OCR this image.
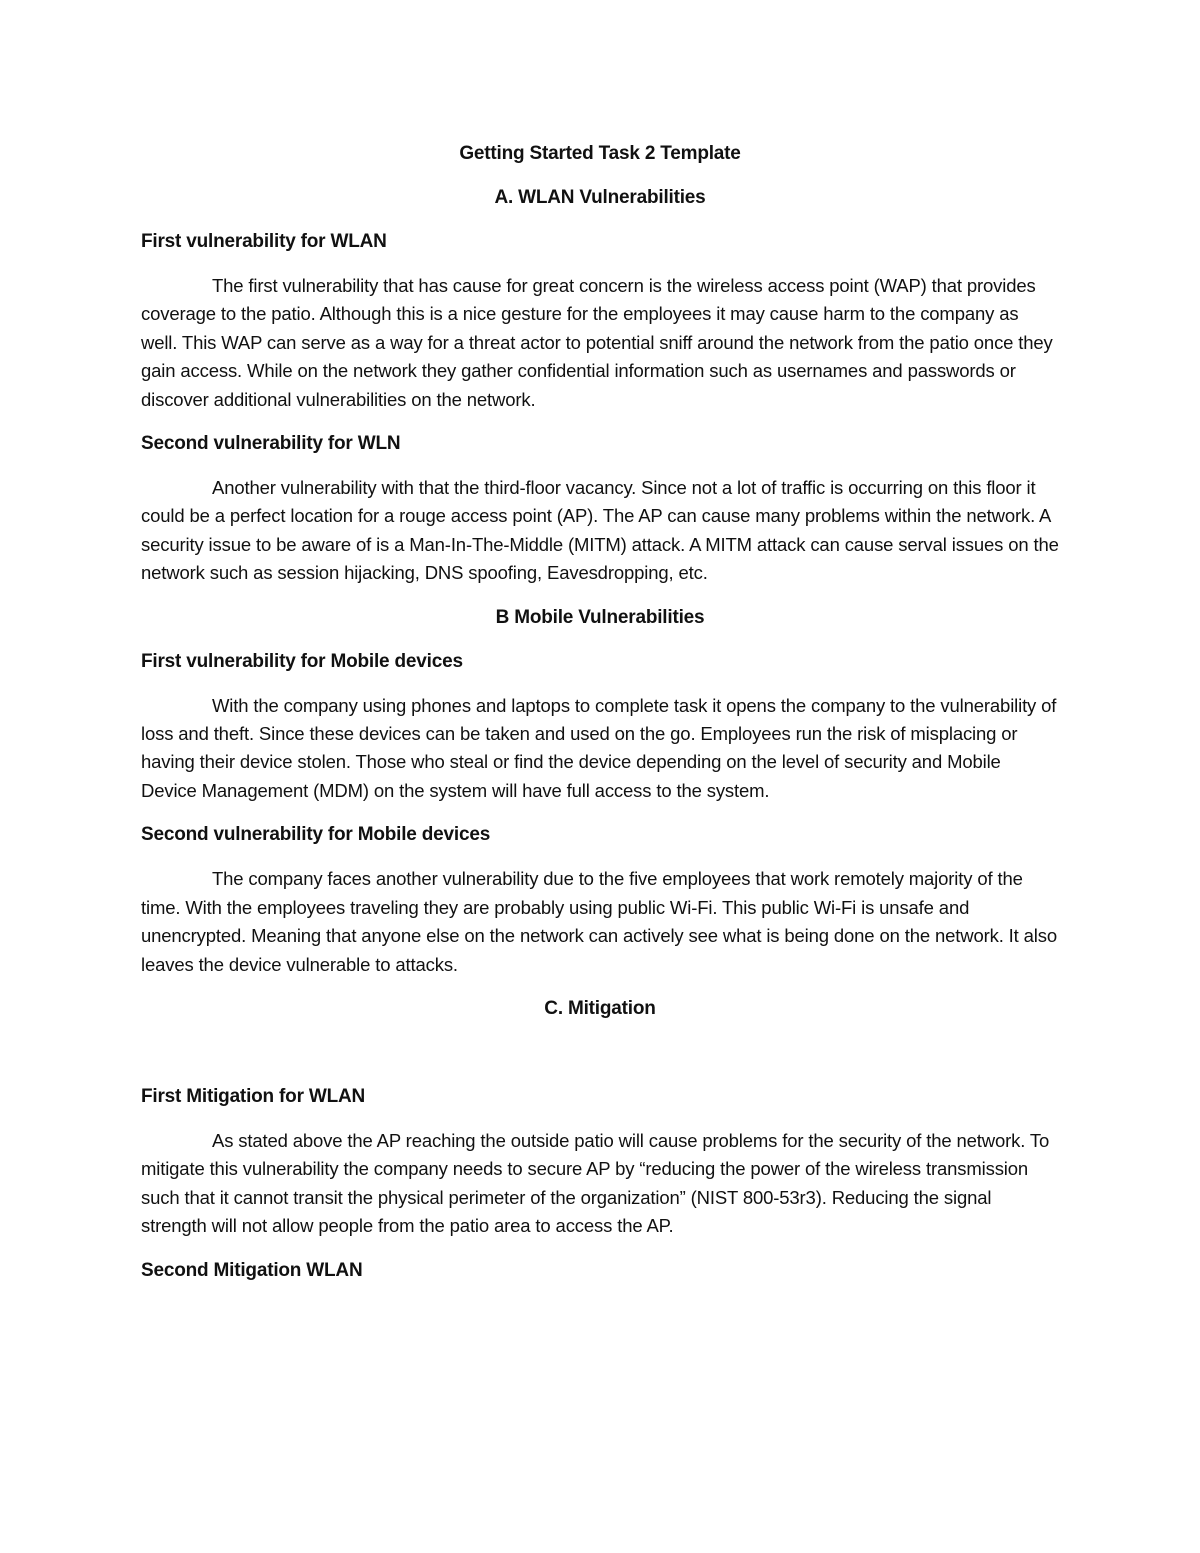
Getting Started Task 2 Template
A. WLAN Vulnerabilities
First vulnerability for WLAN

The first vulnerability that has cause for great concern is the wireless access point (WAP) that provides coverage to the patio. Although this is a nice gesture for the employees it may cause harm to the company as well. This WAP can serve as a way for a threat actor to potential sniff around the network from the patio once they gain access. While on the network they gather confidential information such as usernames and passwords or discover additional vulnerabilities on the network.

Second vulnerability for WLN

Another vulnerability with that the third-floor vacancy. Since not a lot of traffic is occurring on this floor it could be a perfect location for a rouge access point (AP). The AP can cause many problems within the network. A security issue to be aware of is a Man-In-The-Middle (MITM) attack. A MITM attack can cause serval issues on the network such as session hijacking, DNS spoofing, Eavesdropping, etc.

B Mobile Vulnerabilities
First vulnerability for Mobile devices

With the company using phones and laptops to complete task it opens the company to the vulnerability of loss and theft. Since these devices can be taken and used on the go. Employees run the risk of misplacing or having their device stolen. Those who steal or find the device depending on the level of security and Mobile Device Management (MDM) on the system will have full access to the system.

Second vulnerability for Mobile devices

The company faces another vulnerability due to the five employees that work remotely majority of the time. With the employees traveling they are probably using public Wi-Fi. This public Wi-Fi is unsafe and unencrypted. Meaning that anyone else on the network can actively see what is being done on the network. It also leaves the device vulnerable to attacks.

C. Mitigation
First Mitigation for WLAN

As stated above the AP reaching the outside patio will cause problems for the security of the network. To mitigate this vulnerability the company needs to secure AP by “reducing the power of the wireless transmission such that it cannot transit the physical perimeter of the organization” (NIST 800-53r3). Reducing the signal strength will not allow people from the patio area to access the AP.

Second Mitigation WLAN
